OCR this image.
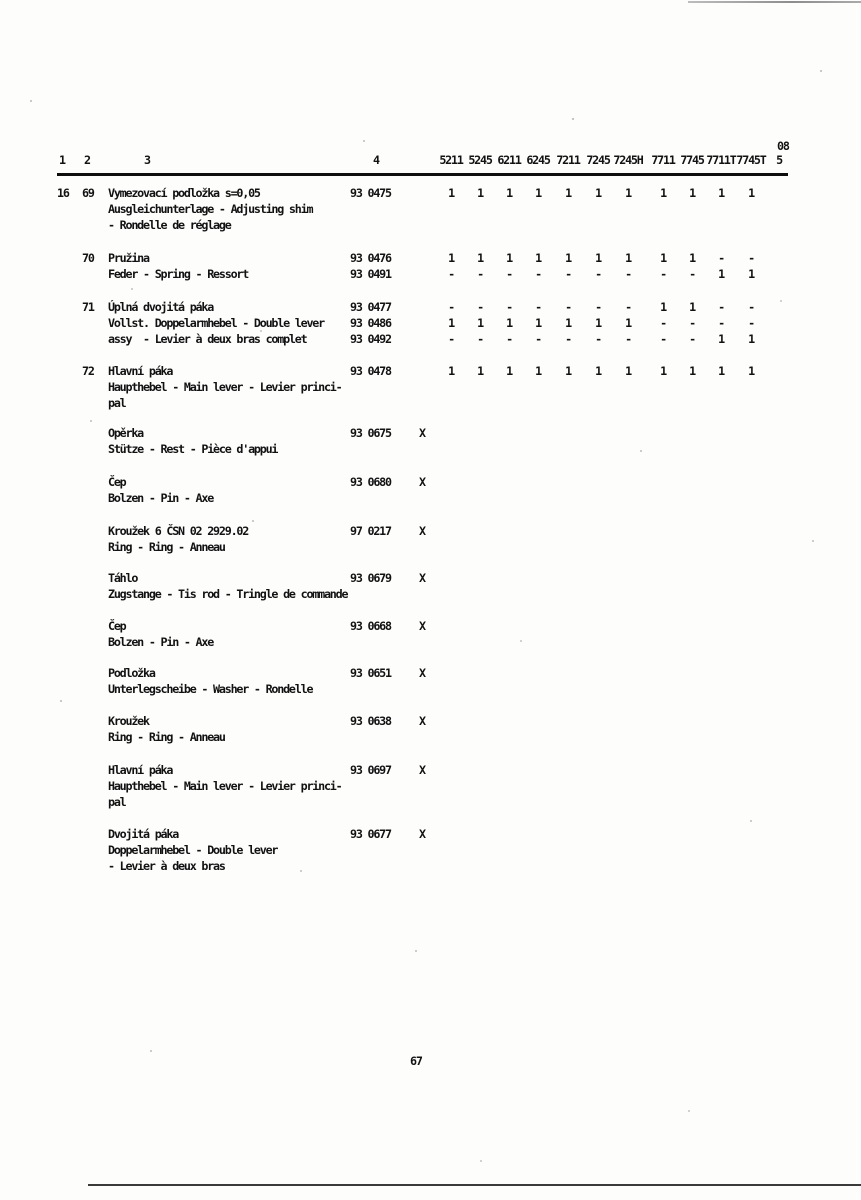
08
1 2	3	4	5211 5245 6211 6245 7211 7245 7245H 7711 7745 7711T 7745T 5
16 69 Vymezovací podložka s=0,05	93 0475	1 1 1 1 1 1 1 1 1 1 1
Ausgleichunterlage - Adjusting shim
- Rondelle de réglage
70 Pružina	93 0476	1 1 1 1 1 1 1 1 1 - -
Feder - Spring - Ressort	93 0491	- - - - - - - - - 1 1
71 Úplná dvojitá páka	93 0477	- - - - - - - 1 1 - -
Vollst. Doppelarmhebel - Double lever 93 0486	1 1 1 1 1 1 1 - - - -
assy  - Levier à deux bras complet	93 0492	- - - - - - - - - 1 1
72 Hlavní páka	93 0478	1 1 1 1 1 1 1 1 1 1 1
Haupthebel - Main lever - Levier princi-
pal
Opěrka	93 0675 X
Stütze - Rest - Pièce d'appui
Čep	93 0680 X
Bolzen - Pin - Axe
Kroužek 6 ČSN 02 2929.02	97 0217 X
Ring - Ring - Anneau
Táhlo	93 0679 X
Zugstange - Tis rod - Tringle de commande
Čep	93 0668 X
Bolzen - Pin - Axe
Podložka	93 0651 X
Unterlegscheibe - Washer - Rondelle
Kroužek	93 0638 X
Ring - Ring - Anneau
Hlavní páka	93 0697 X
Haupthebel - Main lever - Levier princi-
pal
Dvojitá páka	93 0677 X
Doppelarmhebel - Double lever
- Levier à deux bras
67
